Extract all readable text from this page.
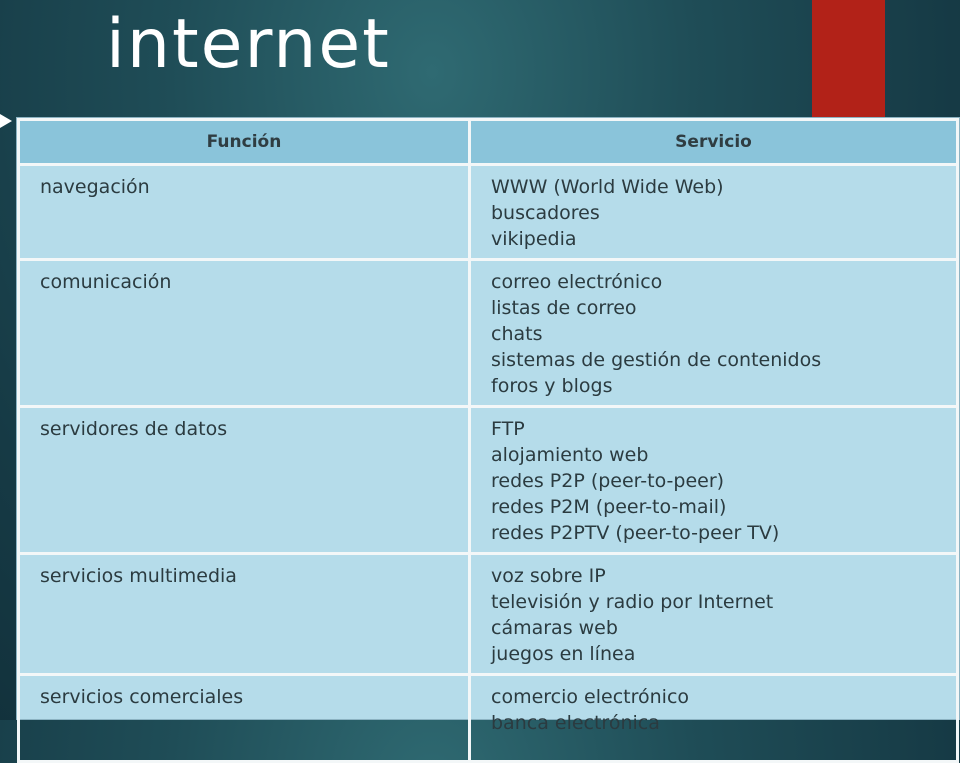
internet
Función	Servicio
navegación	WWW (World Wide Web)
buscadores
vikipedia

comunicación	correo electrónico
listas de correo
chats
sistemas de gestión de contenidos
foros y blogs

servidores de datos	FTP
alojamiento web
redes P2P (peer-to-peer)
redes P2M (peer-to-mail)
redes P2PTV (peer-to-peer TV)

servicios multimedia	voz sobre IP
televisión y radio por Internet
cámaras web
juegos en línea

servicios comerciales	comercio electrónico
banca electrónica
